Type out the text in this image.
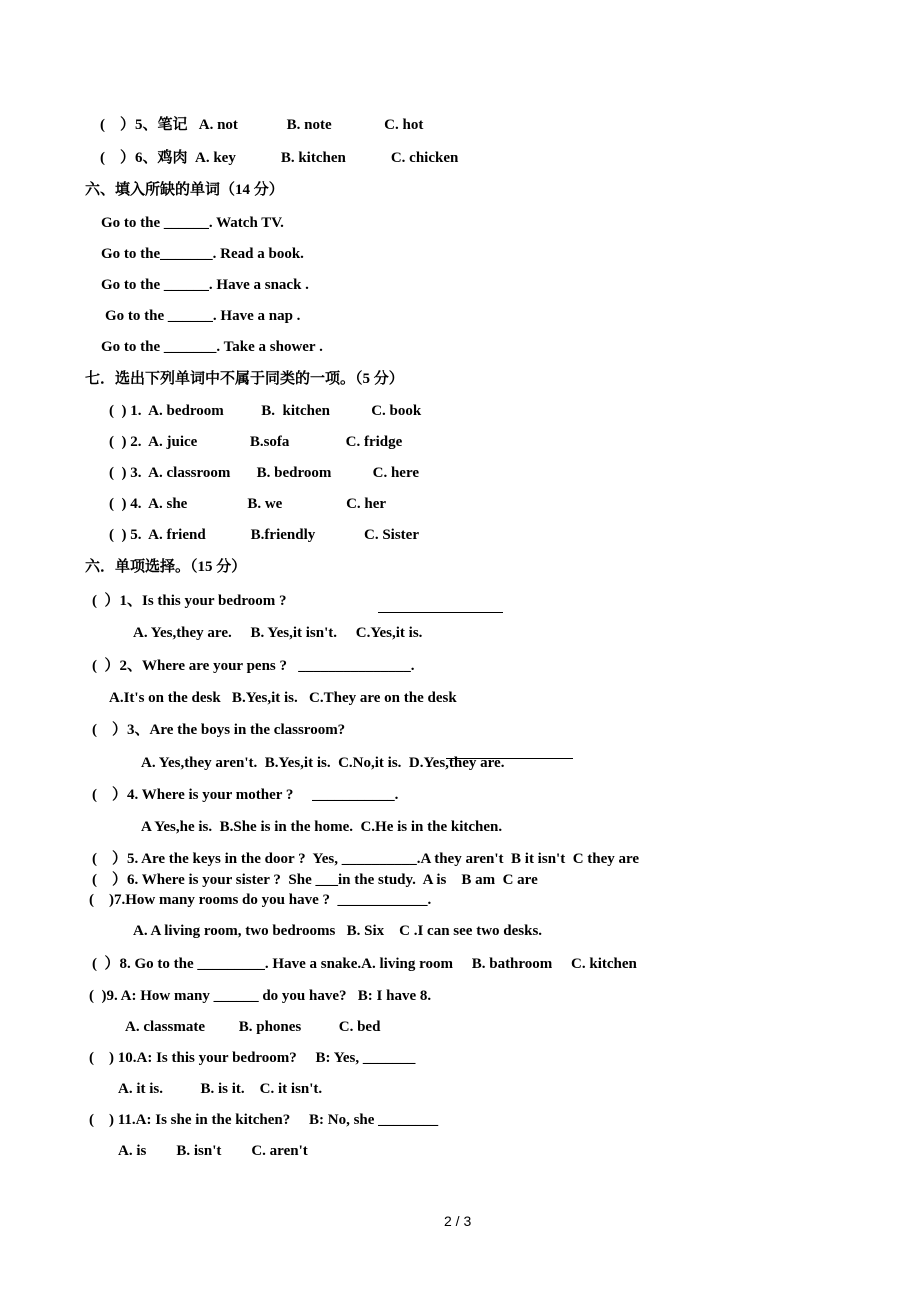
(    ）5、笔记   A. not             B. note              C. hot
(    ）6、鸡肉  A. key            B. kitchen            C. chicken
六、填入所缺的单词（14 分）
Go to the ______. Watch TV.
Go to the_______. Read a book.
Go to the ______. Have a snack .
Go to the ______. Have a nap .
Go to the _______. Take a shower .
七．选出下列单词中不属于同类的一项。（5 分）
(  ) 1.  A. bedroom          B.  kitchen           C. book
(  ) 2.  A. juice              B.sofa               C. fridge
(  ) 3.  A. classroom       B. bedroom           C. here
(  ) 4.  A. she                B. we                 C. her
(  ) 5.  A. friend            B.friendly             C. Sister
六．单项选择。（15 分）
(  ）1、Is this your bedroom ?
A. Yes,they are.     B. Yes,it isn't.     C.Yes,it is.
(  ）2、Where are your pens ?   _______________.
A.It's on the desk   B.Yes,it is.   C.They are on the desk
(    ）3、Are the boys in the classroom?
A. Yes,they aren't.  B.Yes,it is.  C.No,it is.  D.Yes,they are.
(    ）4. Where is your mother ?     ___________.
A Yes,he is.  B.She is in the home.  C.He is in the kitchen.
(    ）5. Are the keys in the door ?  Yes, __________.A they aren't  B it isn't  C they are
(    ）6. Where is your sister ?  She ___in the study.  A is    B am  C are
(    )7.How many rooms do you have ?  ____________.
A. A living room, two bedrooms   B. Six    C .I can see two desks.
(  ）8. Go to the _________. Have a snake.A. living room     B. bathroom     C. kitchen
(  )9. A: How many ______ do you have?   B: I have 8.
A. classmate         B. phones          C. bed
(    ) 10.A: Is this your bedroom?     B: Yes, _______
A. it is.          B. is it.    C. it isn't.
(    ) 11.A: Is she in the kitchen?     B: No, she ________
A. is        B. isn't        C. aren't
2 / 3
